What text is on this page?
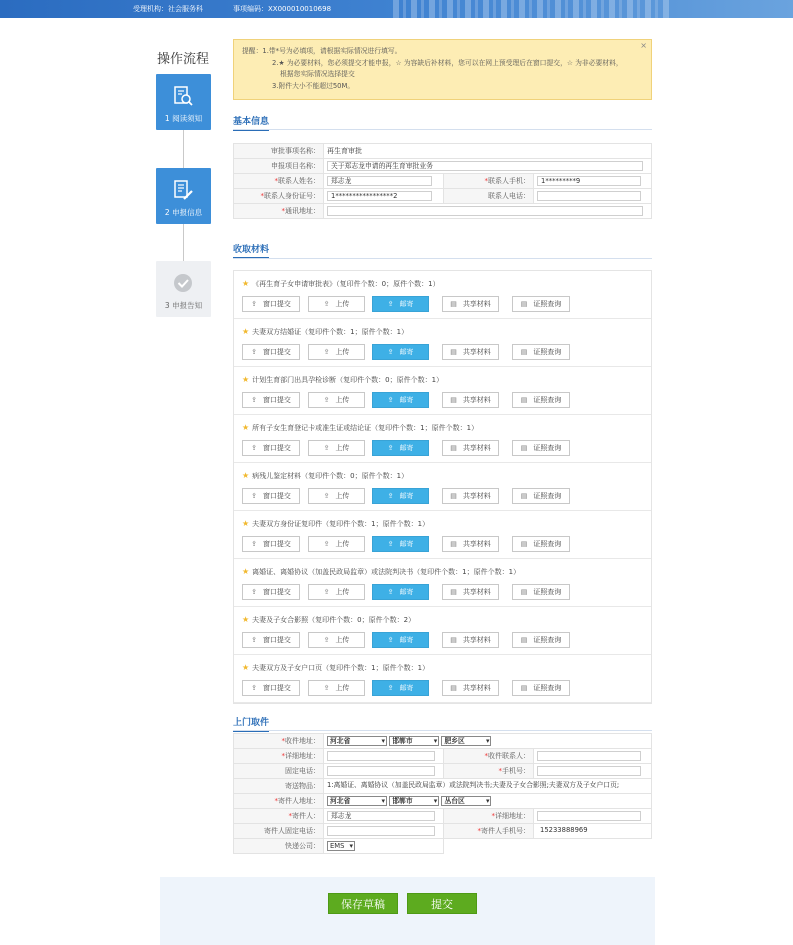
受理机构：社会服务科	事项编码：XX000010010698
操作流程
1 阅读须知
2 申报信息
3 申报告知
×
提醒：1.带*号为必填项，请根据实际情况进行填写。
2.★ 为必要材料，您必须提交才能申报，☆ 为容缺后补材料，您可以在网上预受理后在窗口提交，☆ 为非必要材料，
根据您实际情况选择提交
3.附件大小不能超过50M。
基本信息
审批事项名称：	再生育审批		
申报项目名称：	关于郑志龙申请的再生育审批业务		
*联系人姓名：	郑志龙	*联系人手机：	1*********9
*联系人身份证号：	1*****************2	联系人电话：	
*通讯地址：			
收取材料
★ 《再生育子女申请审批表》（复印件个数：0；原件个数：1）
⇪ 窗口提交	⇪ 上传	⇪ 邮寄	▤ 共享材料	▤ 证照查询
★ 夫妻双方结婚证（复印件个数：1；原件个数：1）
⇪ 窗口提交	⇪ 上传	⇪ 邮寄	▤ 共享材料	▤ 证照查询
★ 计划生育部门出具孕检诊断（复印件个数：0；原件个数：1）
⇪ 窗口提交	⇪ 上传	⇪ 邮寄	▤ 共享材料	▤ 证照查询
★ 所有子女生育登记卡或准生证或结论证（复印件个数：1；原件个数：1）
⇪ 窗口提交	⇪ 上传	⇪ 邮寄	▤ 共享材料	▤ 证照查询
★ 病残儿鉴定材料（复印件个数：0；原件个数：1）
⇪ 窗口提交	⇪ 上传	⇪ 邮寄	▤ 共享材料	▤ 证照查询
★ 夫妻双方身份证复印件（复印件个数：1；原件个数：1）
⇪ 窗口提交	⇪ 上传	⇪ 邮寄	▤ 共享材料	▤ 证照查询
★ 离婚证、离婚协议（加盖民政局监章）或法院判决书（复印件个数：1；原件个数：1）
⇪ 窗口提交	⇪ 上传	⇪ 邮寄	▤ 共享材料	▤ 证照查询
★ 夫妻及子女合影照（复印件个数：0；原件个数：2）
⇪ 窗口提交	⇪ 上传	⇪ 邮寄	▤ 共享材料	▤ 证照查询
★ 夫妻双方及子女户口页（复印件个数：1；原件个数：1）
⇪ 窗口提交	⇪ 上传	⇪ 邮寄	▤ 共享材料	▤ 证照查询
上门取件
*收件地址：	河北省 ▾ 邯郸市 ▾ 肥乡区 ▾
*详细地址：		*收件联系人：	
固定电话：		*手机号：	
寄送物品：	1:离婚证、离婚协议（加盖民政局监章）或法院判决书;夫妻及子女合影照;夫妻双方及子女户口页;		
*寄件人地址：	河北省 ▾ 邯郸市 ▾ 丛台区 ▾
*寄件人：	郑志龙	*详细地址：	
寄件人固定电话：		*寄件人手机号：	15233888969
快递公司：	EMS ▾	
保存草稿	提交
